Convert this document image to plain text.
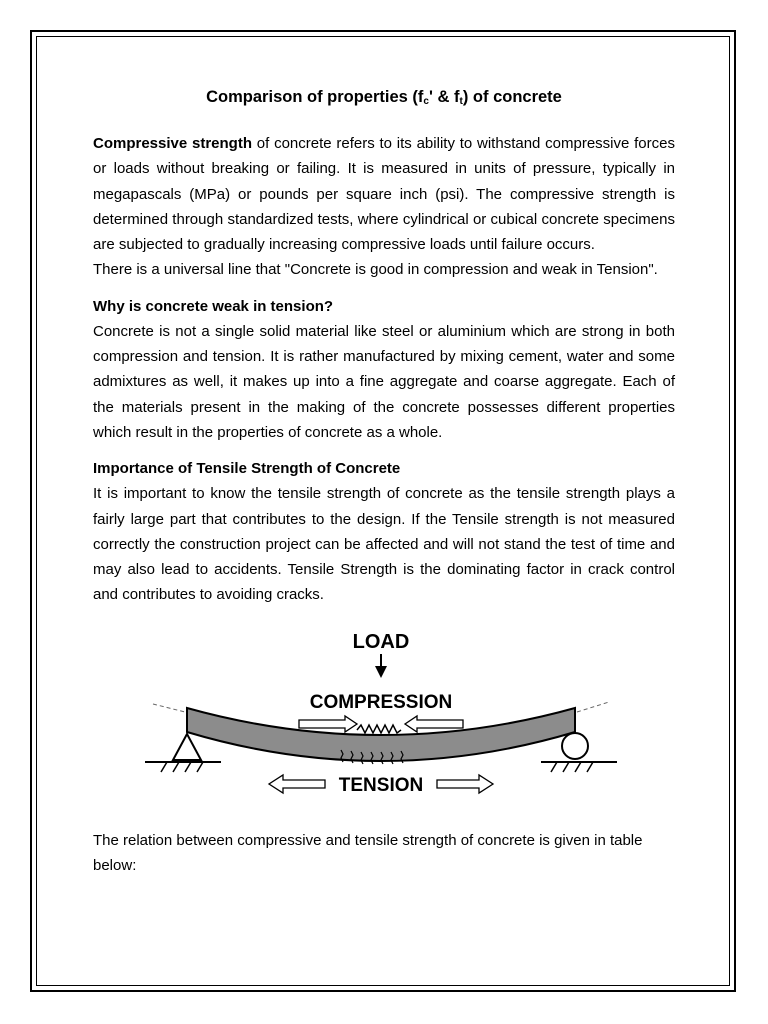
Comparison of properties ($f_c'$ & $f_t$) of concrete

Compressive strength of concrete refers to its ability to withstand compressive forces or loads without breaking or failing. It is measured in units of pressure, typically in megapascals (MPa) or pounds per square inch (psi). The compressive strength is determined through standardized tests, where cylindrical or cubical concrete specimens are subjected to gradually increasing compressive loads until failure occurs.

There is a universal line that "Concrete is good in compression and weak in Tension".

Why is concrete weak in tension?

Concrete is not a single solid material like steel or aluminium which are strong in both compression and tension. It is rather manufactured by mixing cement, water and some admixtures as well, it makes up into a fine aggregate and coarse aggregate. Each of the materials present in the making of the concrete possesses different properties which result in the properties of concrete as a whole.

Importance of Tensile Strength of Concrete

It is important to know the tensile strength of concrete as the tensile strength plays a fairly large part that contributes to the design. If the Tensile strength is not measured correctly the construction project can be affected and will not stand the test of time and may also lead to accidents. Tensile Strength is the dominating factor in crack control and contributes to avoiding cracks.

LOAD
COMPRESSION
TENSION

The relation between compressive and tensile strength of concrete is given in table below:
